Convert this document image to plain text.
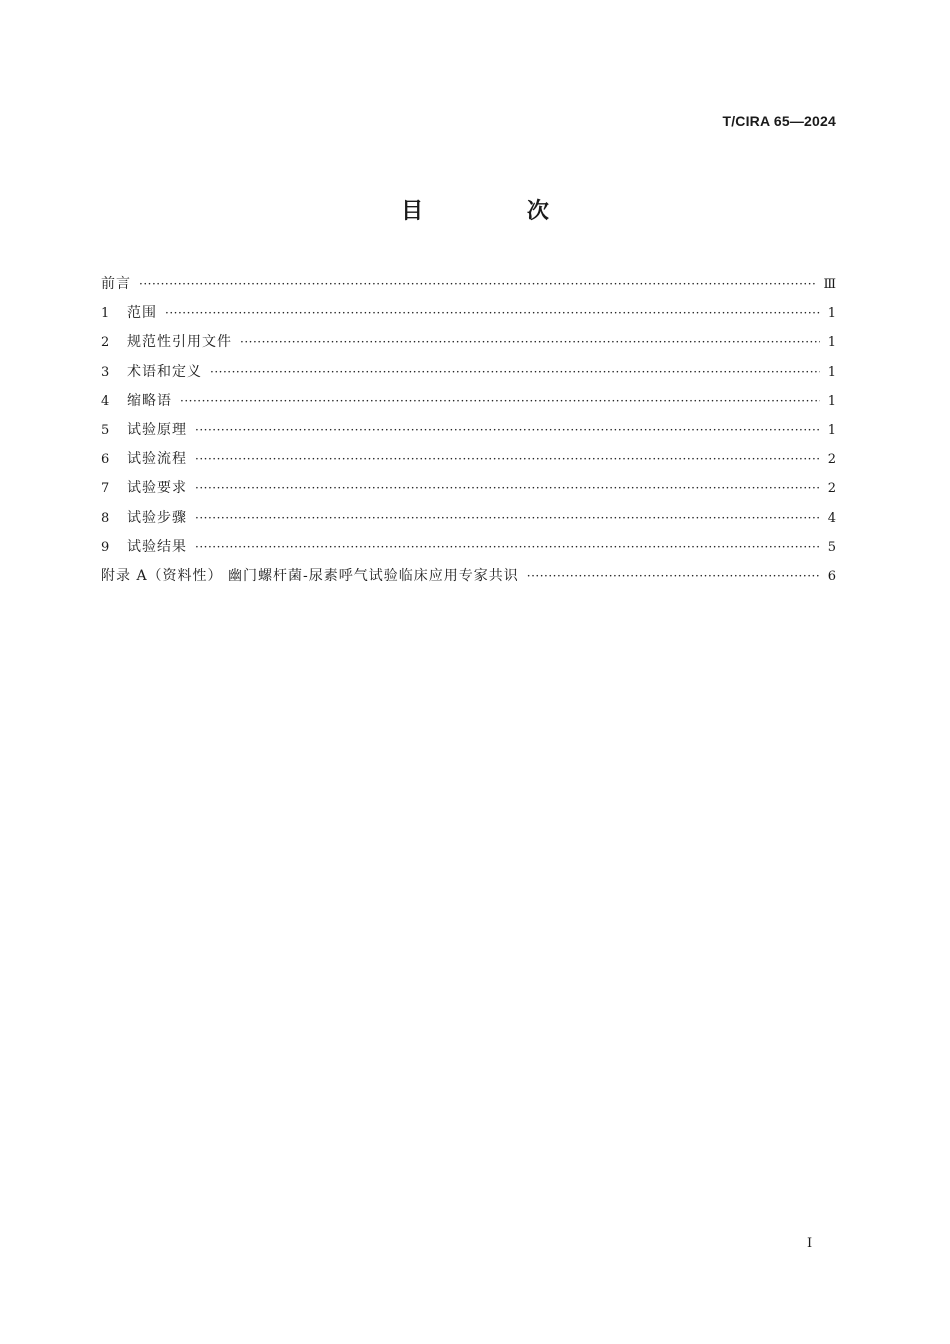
T/CIRA 65—2024
目 次
前言 ·····	Ⅲ
1	范围 ·····	1
2	规范性引用文件 ·····	1
3	术语和定义 ·····	1
4	缩略语 ·····	1
5	试验原理 ·····	1
6	试验流程 ·····	2
7	试验要求 ·····	2
8	试验步骤 ·····	4
9	试验结果 ·····	5
附录 A（资料性） 幽门螺杆菌-尿素呼气试验临床应用专家共识 ·····	6
I
